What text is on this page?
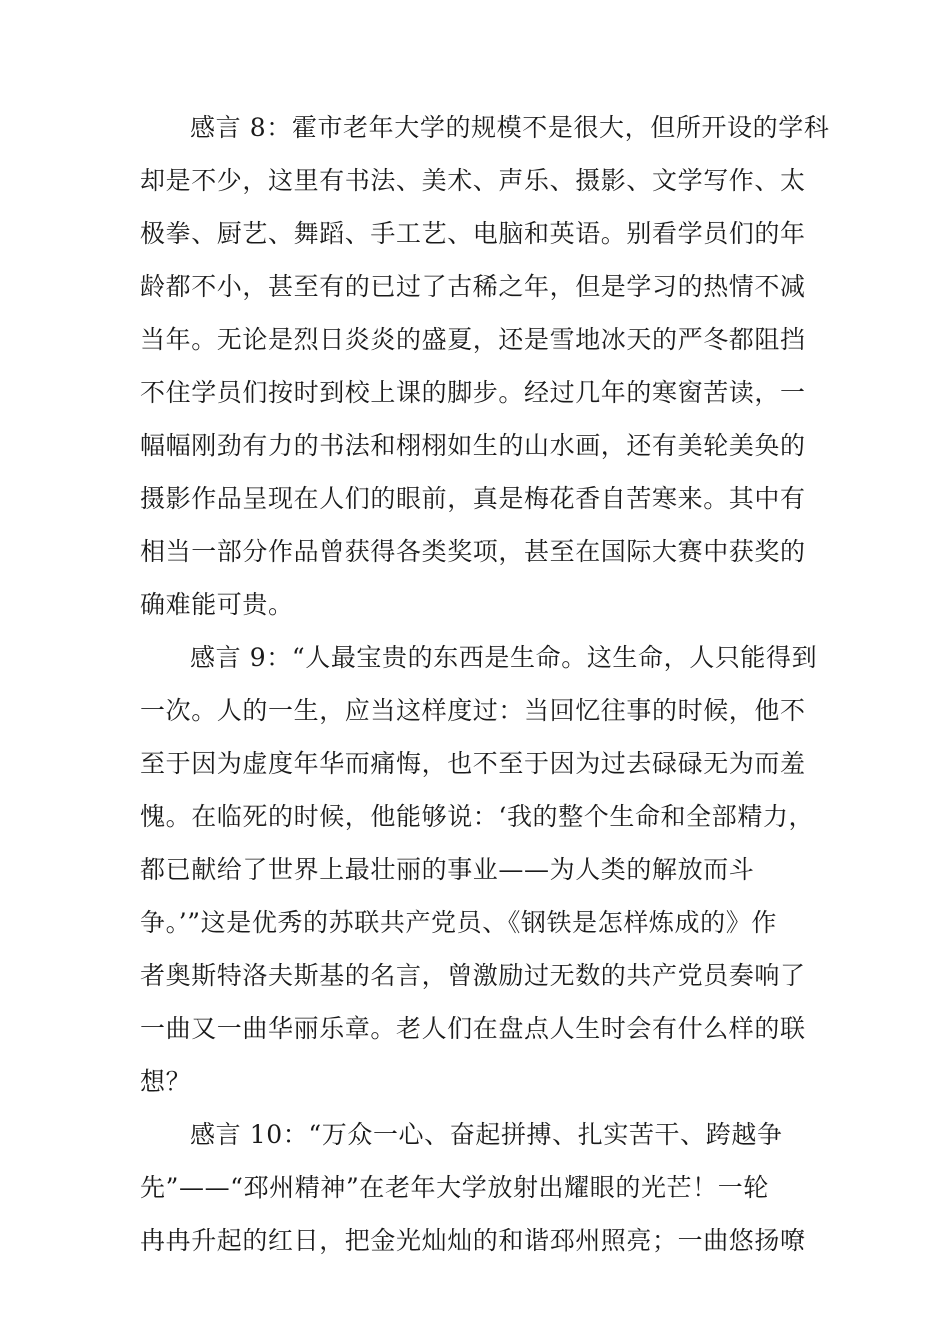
感言 8：霍市老年大学的规模不是很大，但所开设的学科
却是不少，这里有书法、美术、声乐、摄影、文学写作、太
极拳、厨艺、舞蹈、手工艺、电脑和英语。别看学员们的年
龄都不小，甚至有的已过了古稀之年，但是学习的热情不减
当年。无论是烈日炎炎的盛夏，还是雪地冰天的严冬都阻挡
不住学员们按时到校上课的脚步。经过几年的寒窗苦读，一
幅幅刚劲有力的书法和栩栩如生的山水画，还有美轮美奂的
摄影作品呈现在人们的眼前，真是梅花香自苦寒来。其中有
相当一部分作品曾获得各类奖项，甚至在国际大赛中获奖的
确难能可贵。
感言 9：“人最宝贵的东西是生命。这生命，人只能得到
一次。人的一生，应当这样度过：当回忆往事的时候，他不
至于因为虚度年华而痛悔，也不至于因为过去碌碌无为而羞
愧。在临死的时候，他能够说：‘我的整个生命和全部精力，
都已献给了世界上最壮丽的事业——为人类的解放而斗
争。’”这是优秀的苏联共产党员、《钢铁是怎样炼成的》作
者奥斯特洛夫斯基的名言，曾激励过无数的共产党员奏响了
一曲又一曲华丽乐章。老人们在盘点人生时会有什么样的联
想？
感言 10：“万众一心、奋起拼搏、扎实苦干、跨越争
先”——“邳州精神”在老年大学放射出耀眼的光芒！一轮
冉冉升起的红日，把金光灿灿的和谐邳州照亮；一曲悠扬嘹
